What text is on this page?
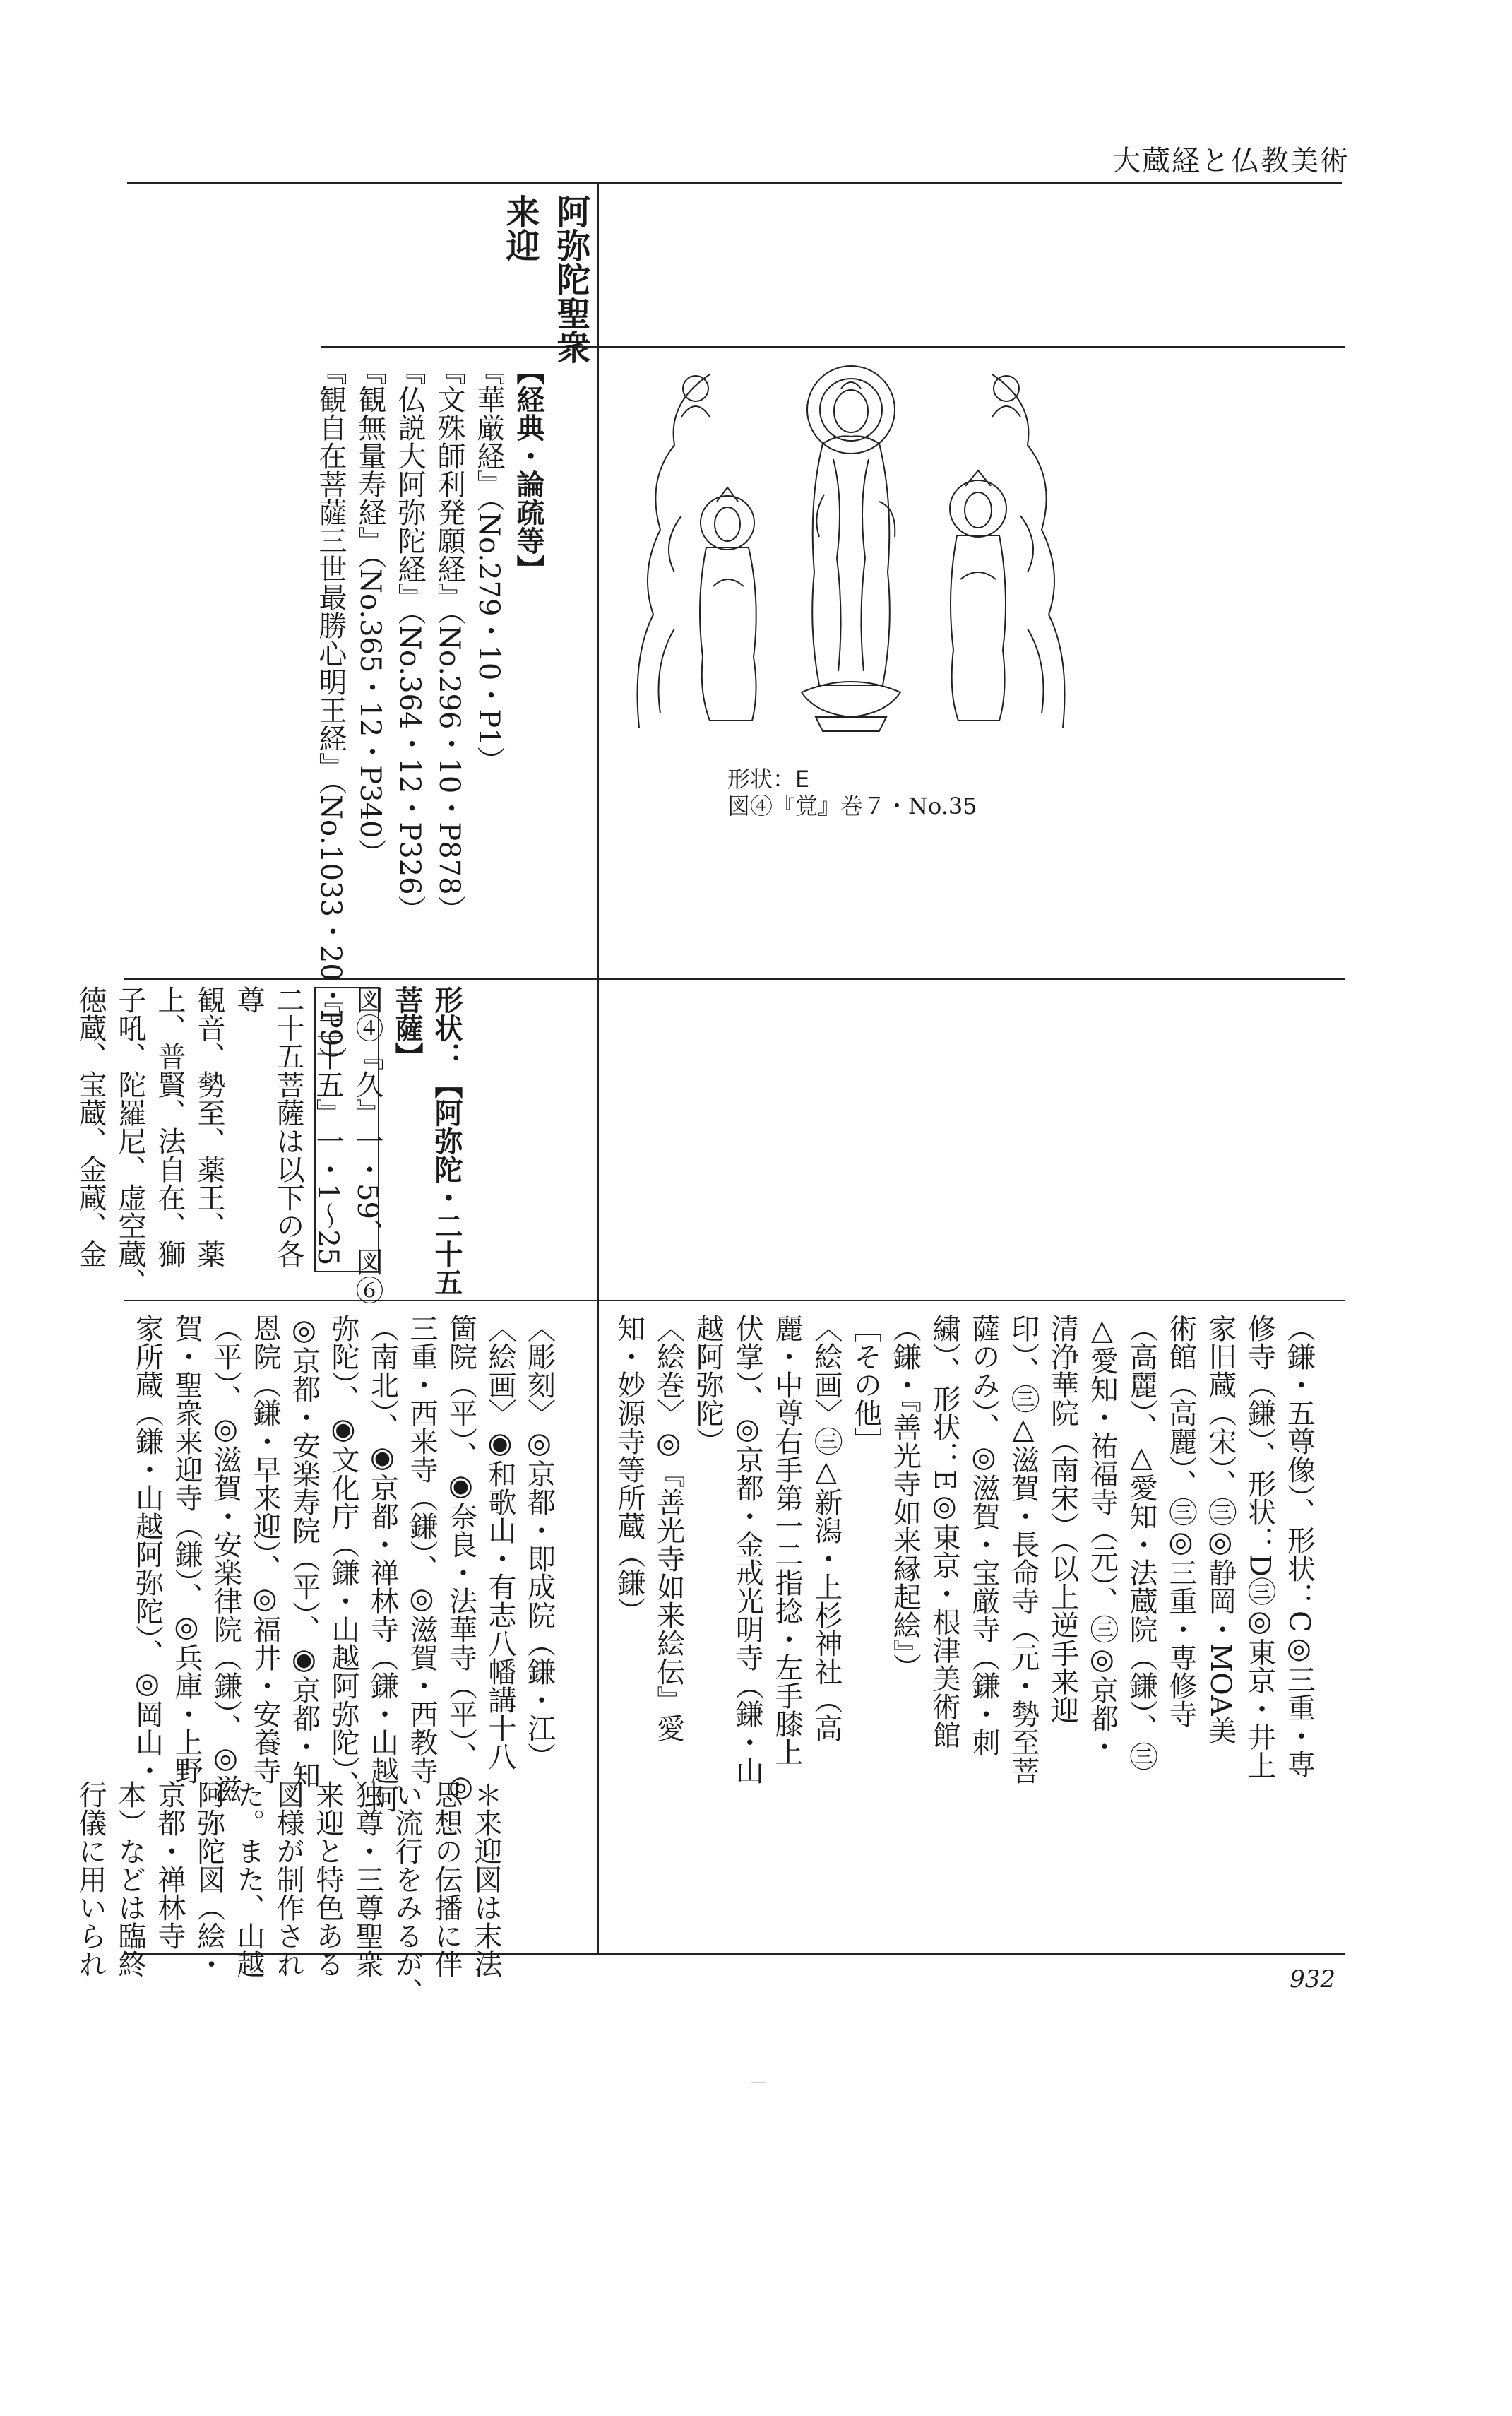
大蔵経と仏教美術
阿弥陀聖衆
来迎
【経典・論疏等】
『華厳経』（No.279・10・P1）
『文殊師利発願経』（No.296・10・P878）
『仏説大阿弥陀経』（No.364・12・P326）
『観無量寿経』（No.365・12・P340）
『観自在菩薩三世最勝心明王経』（No.1033・20・P9）	形状：E
図④『覚』巻７・No.35
形状：【阿弥陀・二十五
菩薩】
図④『久』一・59、図⑥
『二十五』一・1〜25
二十五菩薩は以下の各
尊
観音、勢至、薬王、薬
上、普賢、法自在、獅
子吼、陀羅尼、虚空蔵、
徳蔵、宝蔵、金蔵、金
（鎌・五尊像）、形状：C◎三重・専
修寺（鎌）、形状：D㊂◎東京・井上
家旧蔵（宋）、㊂◎静岡・MOA美
術館（高麗）、㊂◎三重・専修寺
（高麗）、△愛知・法蔵院（鎌）、㊂
△愛知・祐福寺（元）、㊂◎京都・
清浄華院（南宋）（以上逆手来迎
印）、㊂△滋賀・長命寺（元・勢至菩
薩のみ）、◎滋賀・宝厳寺（鎌・刺
繍）、形状：E◎東京・根津美術館
（鎌・『善光寺如来縁起絵』）
［その他］
〈絵画〉㊂△新潟・上杉神社（高
麗・中尊右手第一二指捻・左手膝上
伏掌）、◎京都・金戒光明寺（鎌・山
越阿弥陀）
〈絵巻〉◎『善光寺如来絵伝』愛
知・妙源寺等所蔵（鎌）
〈彫刻〉◎京都・即成院（鎌・江）
〈絵画〉◉和歌山・有志八幡講十八
箇院（平）、◉奈良・法華寺（平）、◎
三重・西来寺（鎌）、◎滋賀・西教寺
（南北）、◉京都・禅林寺（鎌・山越阿
弥陀）、◉文化庁（鎌・山越阿弥陀）、
◎京都・安楽寿院（平）、◉京都・知
恩院（鎌・早来迎）、◎福井・安養寺
（平）、◎滋賀・安楽律院（鎌）、◎滋
賀・聖衆来迎寺（鎌）、◎兵庫・上野
家所蔵（鎌・山越阿弥陀）、◎岡山・
＊来迎図は末法
思想の伝播に伴
い流行をみるが、
独尊・三尊聖衆
来迎と特色ある
図様が制作され
た。また、山越
阿弥陀図（絵・
京都・禅林寺
本）などは臨終
行儀に用いられ
932
—
